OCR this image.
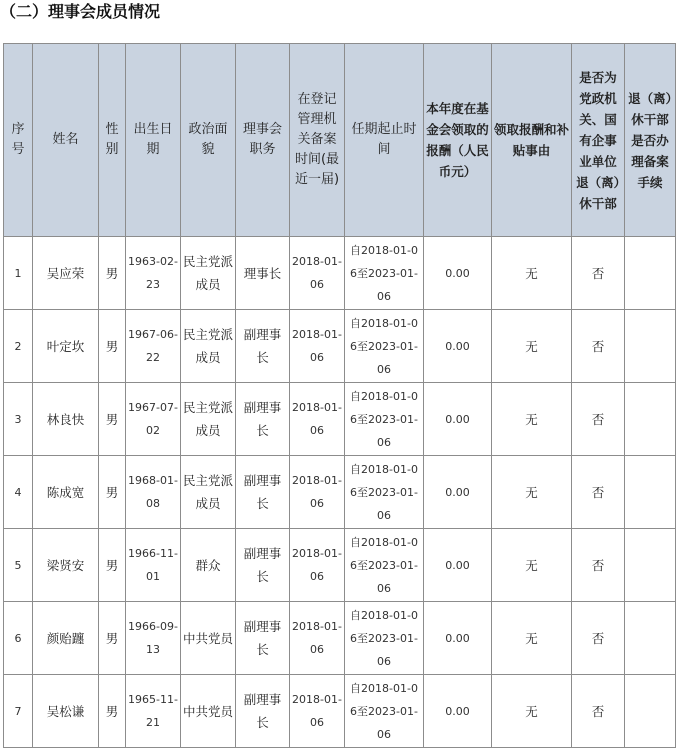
（二）理事会成员情况
序号	姓名	性别	出生日期	政治面貌	理事会职务	在登记管理机关备案时间(最近一届)	任期起止时间	本年度在基金会领取的报酬（人民币元）	领取报酬和补贴事由	是否为党政机关、国有企事业单位退（离）休干部	退（离）休干部是否办理备案手续

1	吴应荣	男	1963-02-23	民主党派成员	理事长	2018-01-06	自2018-01-06至2023-01-06	0.00	无	否	

2	叶定坎	男	1967-06-22	民主党派成员	副理事长	2018-01-06	自2018-01-06至2023-01-06	0.00	无	否	

3	林良快	男	1967-07-02	民主党派成员	副理事长	2018-01-06	自2018-01-06至2023-01-06	0.00	无	否	

4	陈成宽	男	1968-01-08	民主党派成员	副理事长	2018-01-06	自2018-01-06至2023-01-06	0.00	无	否	

5	梁贤安	男	1966-11-01	群众	副理事长	2018-01-06	自2018-01-06至2023-01-06	0.00	无	否	

6	颜贻躔	男	1966-09-13	中共党员	副理事长	2018-01-06	自2018-01-06至2023-01-06	0.00	无	否	

7	吴松谦	男	1965-11-21	中共党员	副理事长	2018-01-06	自2018-01-06至2023-01-06	0.00	无	否	
